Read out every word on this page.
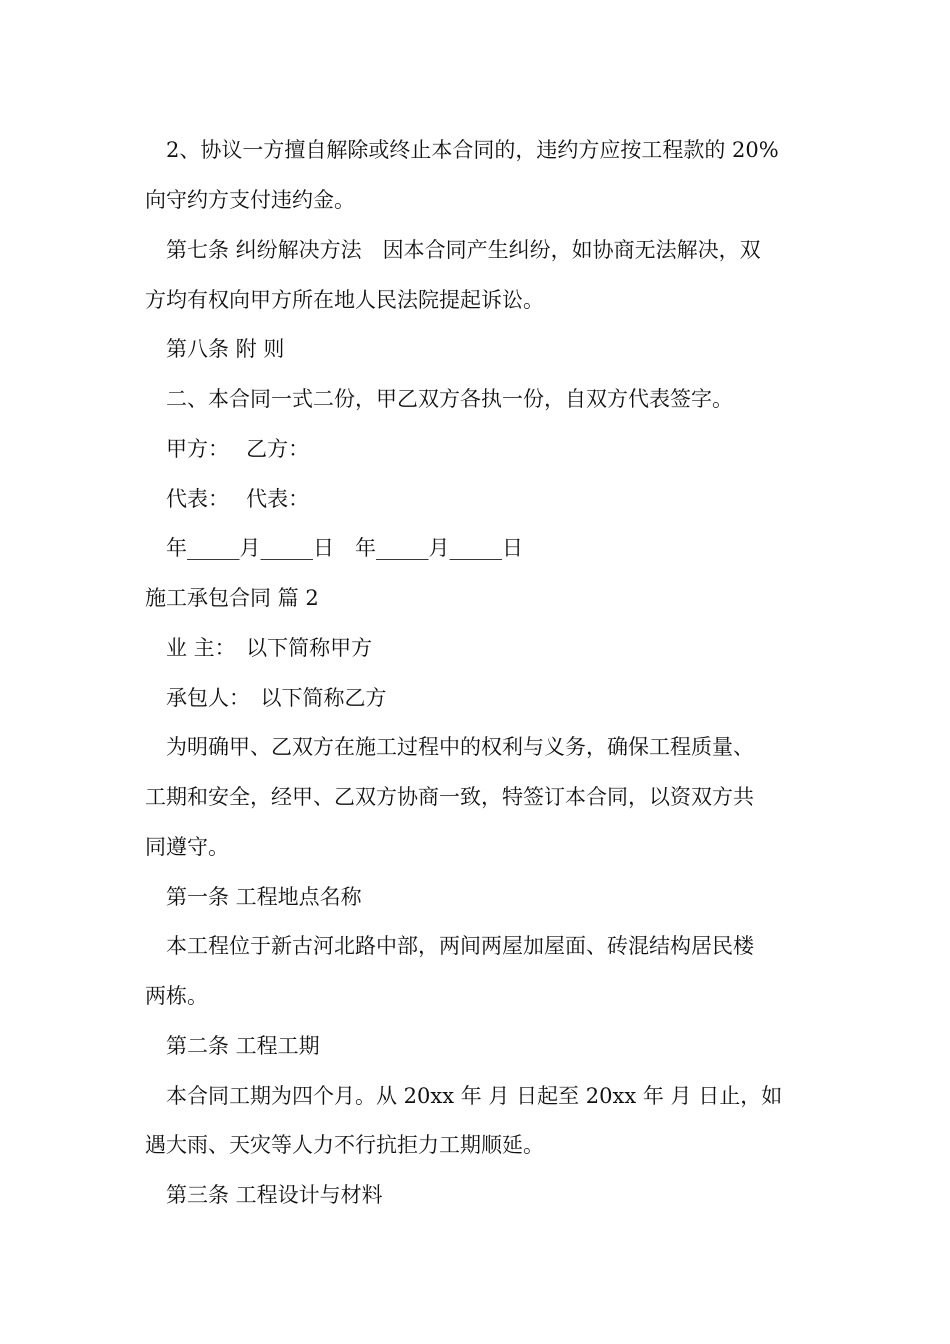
　2、协议一方擅自解除或终止本合同的，违约方应按工程款的 20%
向守约方支付违约金。
　第七条 纠纷解决方法　因本合同产生纠纷，如协商无法解决，双
方均有权向甲方所在地人民法院提起诉讼。
　第八条 附 则
　二、本合同一式二份，甲乙双方各执一份，自双方代表签字。
　甲方：　 乙方：
　代表：　 代表：
　年_____月_____日　年_____月_____日
施工承包合同 篇 2
　业 主：　以下简称甲方
　承包人：　以下简称乙方
　为明确甲、乙双方在施工过程中的权利与义务，确保工程质量、
工期和安全，经甲、乙双方协商一致，特签订本合同，以资双方共
同遵守。
　第一条 工程地点名称
　本工程位于新古河北路中部，两间两屋加屋面、砖混结构居民楼
两栋。
　第二条 工程工期
　本合同工期为四个月。从 20xx 年 月 日起至 20xx 年 月 日止，如
遇大雨、天灾等人力不行抗拒力工期顺延。
　第三条 工程设计与材料
